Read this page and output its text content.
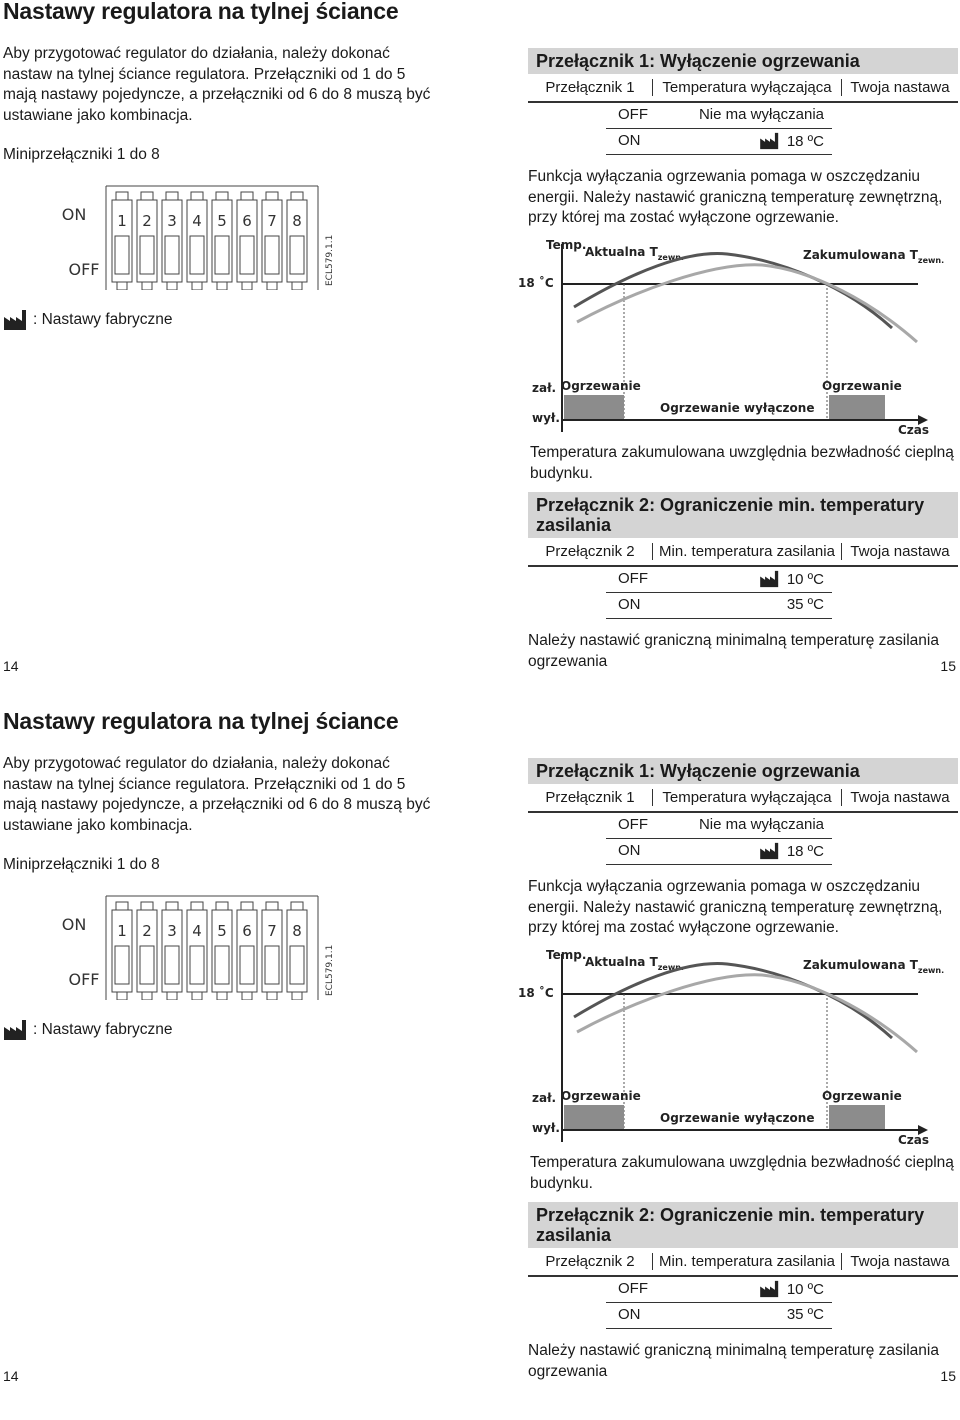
Nastawy regulatora na tylnej ściance
Aby przygotować regulator do działania, należy dokonać nastaw na tylnej ściance regulatora. Przełączniki od 1 do 5 mają nastawy pojedyncze, a przełączniki od 6 do 8 muszą być ustawiane jako kombinacja.
Miniprzełączniki 1 do 8
ON
OFF
1 2 3 4 5 6 7 8
ECL579.1.1
: Nastawy fabryczne
Przełącznik 1: Wyłączenie ogrzewania
Przełącznik 1	Temperatura wyłączająca	Twoja nastawa
OFF	Nie ma wyłączania
ON	18 ºC
Funkcja wyłączania ogrzewania pomaga w oszczędzaniu energii. Należy nastawić graniczną temperaturę zewnętrzną, przy której ma zostać wyłączone ogrzewanie.
Temp.
Aktualna $T_{zewn.}$	Zakumulowana $T_{zewn.}$
18 ˚C
zał.
wył.
Ogrzewanie	Ogrzewanie
Ogrzewanie wyłączone
Czas
Temperatura zakumulowana uwzględnia bezwładność cieplną budynku.
Przełącznik 2: Ograniczenie min. temperatury zasilania
Przełącznik 2	Min. temperatura zasilania	Twoja nastawa
OFF	10 ºC
ON	35 ºC
Należy nastawić graniczną minimalną temperaturę zasilania ogrzewania
14	15
Nastawy regulatora na tylnej ściance
Aby przygotować regulator do działania, należy dokonać nastaw na tylnej ściance regulatora. Przełączniki od 1 do 5 mają nastawy pojedyncze, a przełączniki od 6 do 8 muszą być ustawiane jako kombinacja.
Miniprzełączniki 1 do 8
ON
OFF
1 2 3 4 5 6 7 8
ECL579.1.1
: Nastawy fabryczne
Przełącznik 1: Wyłączenie ogrzewania
Przełącznik 1	Temperatura wyłączająca	Twoja nastawa
OFF	Nie ma wyłączania
ON	18 ºC
Funkcja wyłączania ogrzewania pomaga w oszczędzaniu energii. Należy nastawić graniczną temperaturę zewnętrzną, przy której ma zostać wyłączone ogrzewanie.
Temp.
Aktualna $T_{zewn.}$	Zakumulowana $T_{zewn.}$
18 ˚C
zał.
wył.
Ogrzewanie	Ogrzewanie
Ogrzewanie wyłączone
Czas
Temperatura zakumulowana uwzględnia bezwładność cieplną budynku.
Przełącznik 2: Ograniczenie min. temperatury zasilania
Przełącznik 2	Min. temperatura zasilania	Twoja nastawa
OFF	10 ºC
ON	35 ºC
Należy nastawić graniczną minimalną temperaturę zasilania ogrzewania
14	15
